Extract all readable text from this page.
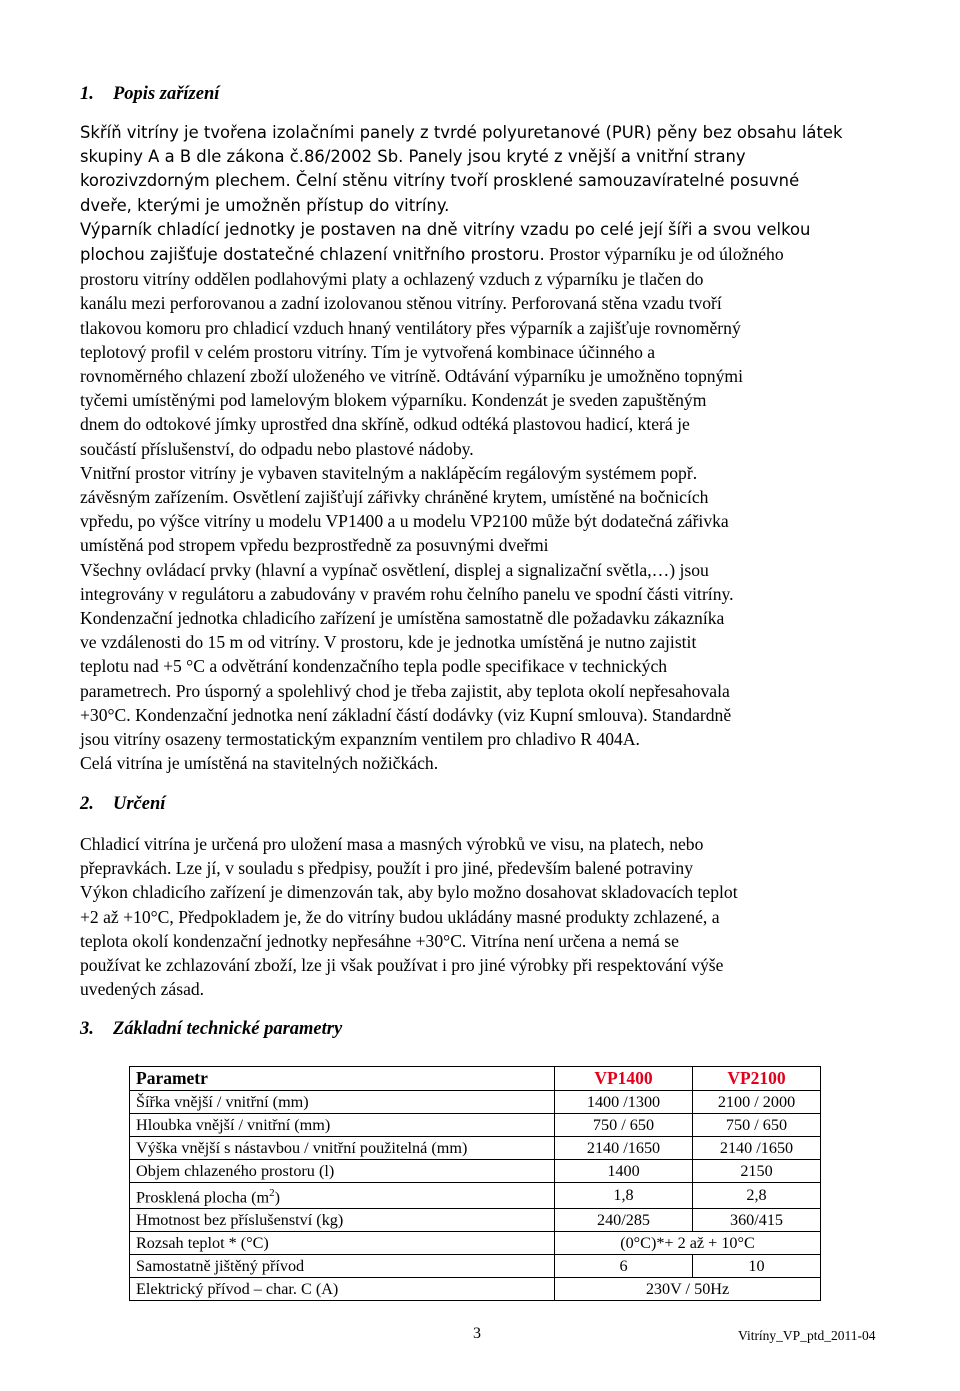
1. Popis zařízení
Skříň vitríny je tvořena izolačními panely z tvrdé polyuretanové (PUR) pěny bez obsahu látek
skupiny A a B dle zákona č.86/2002 Sb. Panely jsou kryté z vnější a vnitřní strany
korozivzdorným plechem. Čelní stěnu vitríny tvoří prosklené samouzavíratelné posuvné
dveře, kterými je umožněn přístup do vitríny.
Výparník chladící jednotky je postaven na dně vitríny vzadu po celé její šíři a svou velkou
plochou zajišťuje dostatečné chlazení vnitřního prostoru. Prostor výparníku je od úložného
prostoru vitríny oddělen podlahovými platy a ochlazený vzduch z výparníku je tlačen do
kanálu mezi perforovanou a zadní izolovanou stěnou vitríny. Perforovaná stěna vzadu tvoří
tlakovou komoru pro chladicí vzduch hnaný ventilátory přes výparník a zajišťuje rovnoměrný
teplotový profil v celém prostoru vitríny. Tím je vytvořená kombinace účinného a
rovnoměrného chlazení zboží uloženého ve vitríně. Odtávání výparníku je umožněno topnými
tyčemi umístěnými pod lamelovým blokem výparníku. Kondenzát je sveden zapuštěným
dnem do odtokové jímky uprostřed dna skříně, odkud odtéká plastovou hadicí, která je
součástí příslušenství, do odpadu nebo plastové nádoby.
Vnitřní prostor vitríny je vybaven stavitelným a naklápěcím regálovým systémem popř.
závěsným zařízením. Osvětlení zajišťují zářivky chráněné krytem, umístěné na bočnicích
vpředu, po výšce vitríny u modelu VP1400 a u modelu VP2100 může být dodatečná zářivka
umístěná pod stropem vpředu bezprostředně za posuvnými dveřmi
Všechny ovládací prvky (hlavní a vypínač osvětlení, displej a signalizační světla,…) jsou
integrovány v regulátoru a zabudovány v pravém rohu čelního panelu ve spodní části vitríny.
Kondenzační jednotka chladicího zařízení je umístěna samostatně dle požadavku zákazníka
ve vzdálenosti do 15 m od vitríny. V prostoru, kde je jednotka umístěná je nutno zajistit
teplotu nad +5 °C a odvětrání kondenzačního tepla podle specifikace v technických
parametrech. Pro úsporný a spolehlivý chod je třeba zajistit, aby teplota okolí nepřesahovala
+30°C. Kondenzační jednotka není základní částí dodávky (viz Kupní smlouva). Standardně
jsou vitríny osazeny termostatickým expanzním ventilem pro chladivo R 404A.
Celá vitrína je umístěná na stavitelných nožičkách.
2. Určení
Chladicí vitrína je určená pro uložení masa a masných výrobků ve visu, na platech, nebo
přepravkách. Lze jí, v souladu s předpisy, použít i pro jiné, především balené potraviny
Výkon chladicího zařízení je dimenzován tak, aby bylo možno dosahovat skladovacích teplot
+2 až +10°C, Předpokladem je, že do vitríny budou ukládány masné produkty zchlazené, a
teplota okolí kondenzační jednotky nepřesáhne +30°C. Vitrína není určena a nemá se
používat ke zchlazování zboží, lze ji však používat i pro jiné výrobky při respektování výše
uvedených zásad.
3. Základní technické parametry
Parametr	VP1400	VP2100
Šířka vnější / vnitřní (mm)	1400 /1300	2100 / 2000
Hloubka vnější / vnitřní (mm)	750 / 650	750 / 650
Výška vnější s nástavbou / vnitřní použitelná (mm)	2140 /1650	2140 /1650
Objem chlazeného prostoru (l)	1400	2150
Prosklená plocha $(m^2)$	1,8	2,8
Hmotnost bez příslušenství (kg)	240/285	360/415
Rozsah teplot * (°C)	(0°C)*+ 2 až + 10°C	
Samostatně jištěný přívod	6	10
Elektrický přívod – char. C (A)	230V / 50Hz	
3	Vitríny_VP_ptd_2011-04
